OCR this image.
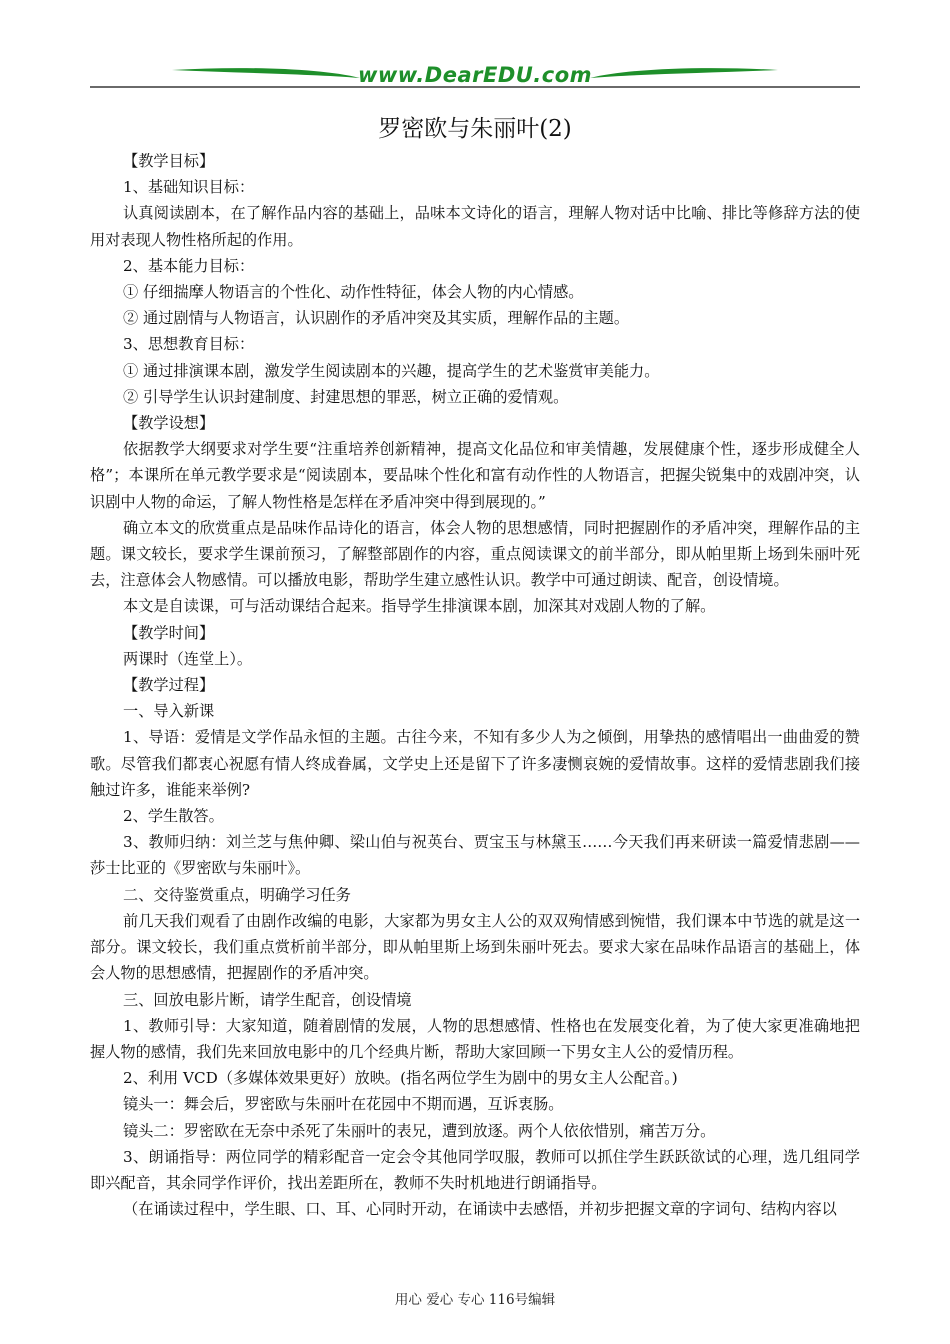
www.DearEDU.com
罗密欧与朱丽叶(2)

【教学目标】

1、基础知识目标：

认真阅读剧本，在了解作品内容的基础上，品味本文诗化的语言，理解人物对话中比喻、排比等修辞方法的使用对表现人物性格所起的作用。

2、基本能力目标：

① 仔细揣摩人物语言的个性化、动作性特征，体会人物的内心情感。

② 通过剧情与人物语言，认识剧作的矛盾冲突及其实质，理解作品的主题。

3、思想教育目标：

① 通过排演课本剧，激发学生阅读剧本的兴趣，提高学生的艺术鉴赏审美能力。

② 引导学生认识封建制度、封建思想的罪恶，树立正确的爱情观。

【教学设想】

依据教学大纲要求对学生要“注重培养创新精神，提高文化品位和审美情趣，发展健康个性，逐步形成健全人格”；本课所在单元教学要求是“阅读剧本，要品味个性化和富有动作性的人物语言，把握尖锐集中的戏剧冲突，认识剧中人物的命运，了解人物性格是怎样在矛盾冲突中得到展现的。”

确立本文的欣赏重点是品味作品诗化的语言，体会人物的思想感情，同时把握剧作的矛盾冲突，理解作品的主题。课文较长，要求学生课前预习，了解整部剧作的内容，重点阅读课文的前半部分，即从帕里斯上场到朱丽叶死去，注意体会人物感情。可以播放电影，帮助学生建立感性认识。教学中可通过朗读、配音，创设情境。

本文是自读课，可与活动课结合起来。指导学生排演课本剧，加深其对戏剧人物的了解。

【教学时间】

两课时（连堂上）。

【教学过程】

一、导入新课

1、导语：爱情是文学作品永恒的主题。古往今来，不知有多少人为之倾倒，用挚热的感情唱出一曲曲爱的赞歌。尽管我们都衷心祝愿有情人终成眷属，文学史上还是留下了许多凄恻哀婉的爱情故事。这样的爱情悲剧我们接触过许多，谁能来举例?

2、学生散答。

3、教师归纳：刘兰芝与焦仲卿、梁山伯与祝英台、贾宝玉与林黛玉……今天我们再来研读一篇爱情悲剧——莎士比亚的《罗密欧与朱丽叶》。

二、交待鉴赏重点，明确学习任务

前几天我们观看了由剧作改编的电影，大家都为男女主人公的双双殉情感到惋惜，我们课本中节选的就是这一部分。课文较长，我们重点赏析前半部分，即从帕里斯上场到朱丽叶死去。要求大家在品味作品语言的基础上，体会人物的思想感情，把握剧作的矛盾冲突。

三、回放电影片断，请学生配音，创设情境

1、教师引导：大家知道，随着剧情的发展，人物的思想感情、性格也在发展变化着，为了使大家更准确地把握人物的感情，我们先来回放电影中的几个经典片断，帮助大家回顾一下男女主人公的爱情历程。

2、利用 VCD（多媒体效果更好）放映。(指名两位学生为剧中的男女主人公配音。)

镜头一：舞会后，罗密欧与朱丽叶在花园中不期而遇，互诉衷肠。

镜头二：罗密欧在无奈中杀死了朱丽叶的表兄，遭到放逐。两个人依依惜别，痛苦万分。

3、朗诵指导：两位同学的精彩配音一定会令其他同学叹服，教师可以抓住学生跃跃欲试的心理，选几组同学即兴配音，其余同学作评价，找出差距所在，教师不失时机地进行朗诵指导。

（在诵读过程中，学生眼、口、耳、心同时开动，在诵读中去感悟，并初步把握文章的字词句、结构内容以

用心 爱心 专心 116号编辑
